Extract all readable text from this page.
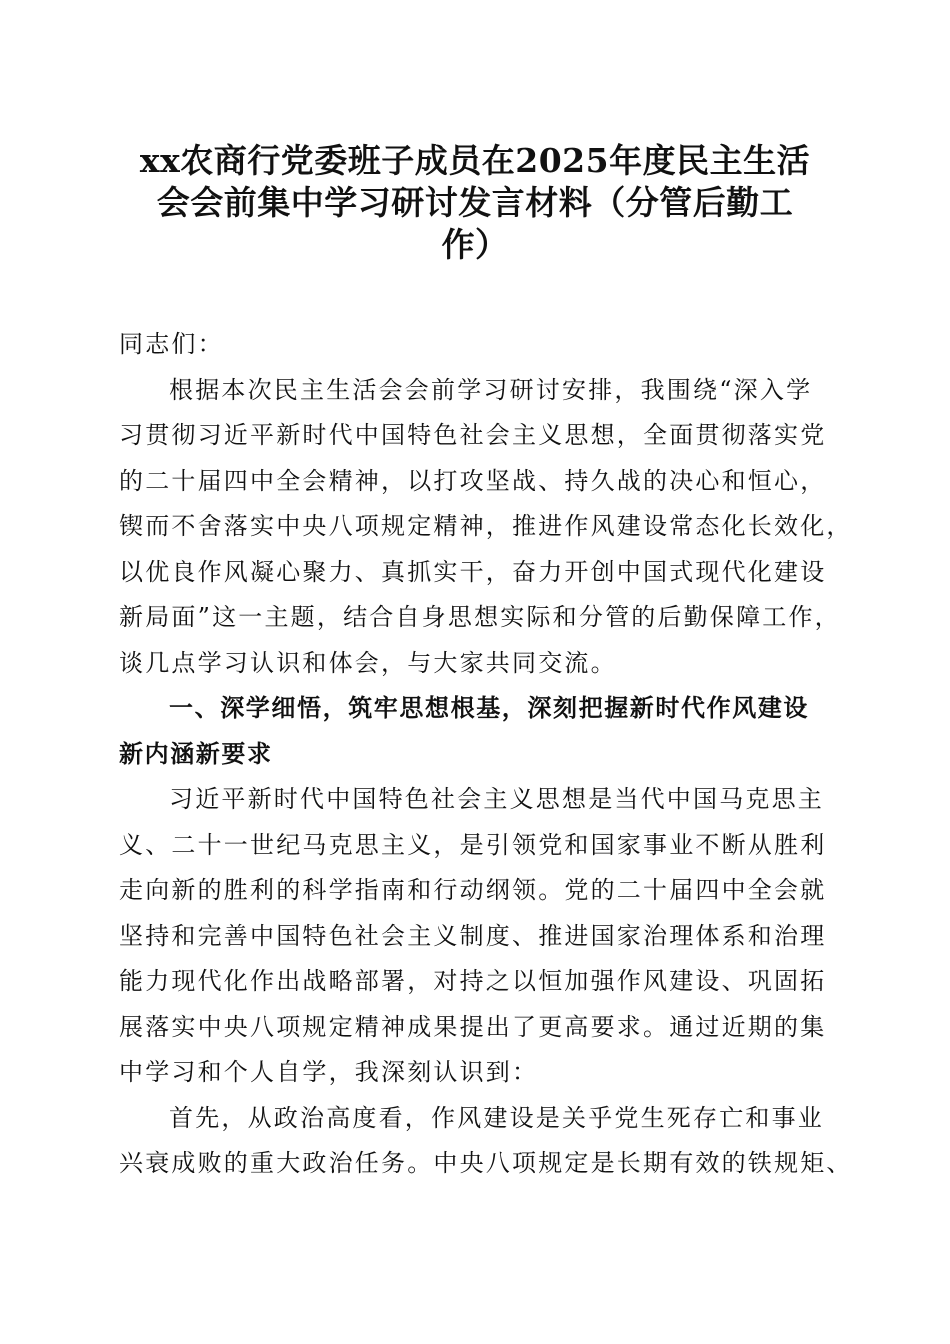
xx农商行党委班子成员在2025年度民主生活
会会前集中学习研讨发言材料（分管后勤工
作）
同志们：
根据本次民主生活会会前学习研讨安排，我围绕“深入学
习贯彻习近平新时代中国特色社会主义思想，全面贯彻落实党
的二十届四中全会精神，以打攻坚战、持久战的决心和恒心，
锲而不舍落实中央八项规定精神，推进作风建设常态化长效化，
以优良作风凝心聚力、真抓实干，奋力开创中国式现代化建设
新局面”这一主题，结合自身思想实际和分管的后勤保障工作，
谈几点学习认识和体会，与大家共同交流。
一、深学细悟，筑牢思想根基，深刻把握新时代作风建设
新内涵新要求
习近平新时代中国特色社会主义思想是当代中国马克思主
义、二十一世纪马克思主义，是引领党和国家事业不断从胜利
走向新的胜利的科学指南和行动纲领。党的二十届四中全会就
坚持和完善中国特色社会主义制度、推进国家治理体系和治理
能力现代化作出战略部署，对持之以恒加强作风建设、巩固拓
展落实中央八项规定精神成果提出了更高要求。通过近期的集
中学习和个人自学，我深刻认识到：
首先，从政治高度看，作风建设是关乎党生死存亡和事业
兴衰成败的重大政治任务。中央八项规定是长期有效的铁规矩、
